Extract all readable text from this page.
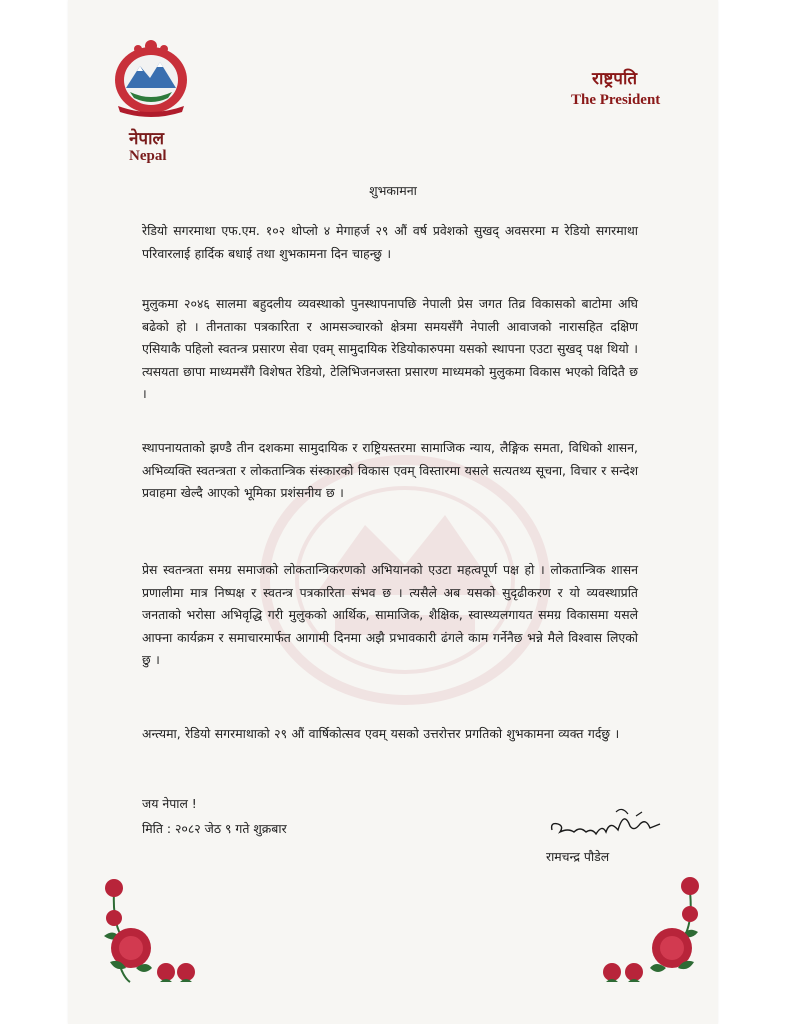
नेपाल
Nepal
राष्ट्रपति
The President
शुभकामना
रेडियो सगरमाथा एफ.एम. १०२ थोप्लो ४ मेगाहर्ज २९ औं वर्ष प्रवेशको सुखद् अवसरमा म रेडियो सगरमाथा परिवारलाई हार्दिक बधाई तथा शुभकामना दिन चाहन्छु ।
मुलुकमा २०४६ सालमा बहुदलीय व्यवस्थाको पुनस्थापनापछि नेपाली प्रेस जगत तिव्र विकासको बाटोमा अघि बढेको हो । तीनताका पत्रकारिता र आमसञ्चारको क्षेत्रमा समयसँगै नेपाली आवाजको नारासहित दक्षिण एसियाकै पहिलो स्वतन्त्र प्रसारण सेवा एवम् सामुदायिक रेडियोकारुपमा यसको स्थापना एउटा सुखद् पक्ष थियो । त्यसयता छापा माध्यमसँगै विशेषत रेडियो, टेलिभिजनजस्ता प्रसारण माध्यमको मुलुकमा विकास भएको विदितै छ ।
स्थापनायताको झण्डै तीन दशकमा सामुदायिक र राष्ट्रियस्तरमा सामाजिक न्याय, लैङ्गिक समता, विधिको शासन, अभिव्यक्ति स्वतन्त्रता र लोकतान्त्रिक संस्कारको विकास एवम् विस्तारमा यसले सत्यतथ्य सूचना, विचार र सन्देश प्रवाहमा खेल्दै आएको भूमिका प्रशंसनीय छ ।
प्रेस स्वतन्त्रता समग्र समाजको लोकतान्त्रिकरणको अभियानको एउटा महत्वपूर्ण पक्ष हो । लोकतान्त्रिक शासन प्रणालीमा मात्र निष्पक्ष र स्वतन्त्र पत्रकारिता संभव छ । त्यसैले अब यसको सुदृढीकरण र यो व्यवस्थाप्रति जनताको भरोसा अभिवृद्धि गरी मुलुकको आर्थिक, सामाजिक, शैक्षिक, स्वास्थ्यलगायत समग्र विकासमा यसले आफ्ना कार्यक्रम र समाचारमार्फत आगामी दिनमा अझै प्रभावकारी ढंगले काम गर्नेनैछ भन्ने मैले विश्वास लिएको छु ।
अन्त्यमा, रेडियो सगरमाथाको २९ औं वार्षिकोत्सव एवम् यसको उत्तरोत्तर प्रगतिको शुभकामना व्यक्त गर्दछु ।
जय नेपाल !
मिति : २०८२ जेठ ९ गते शुक्रबार
रामचन्द्र पौडेल
